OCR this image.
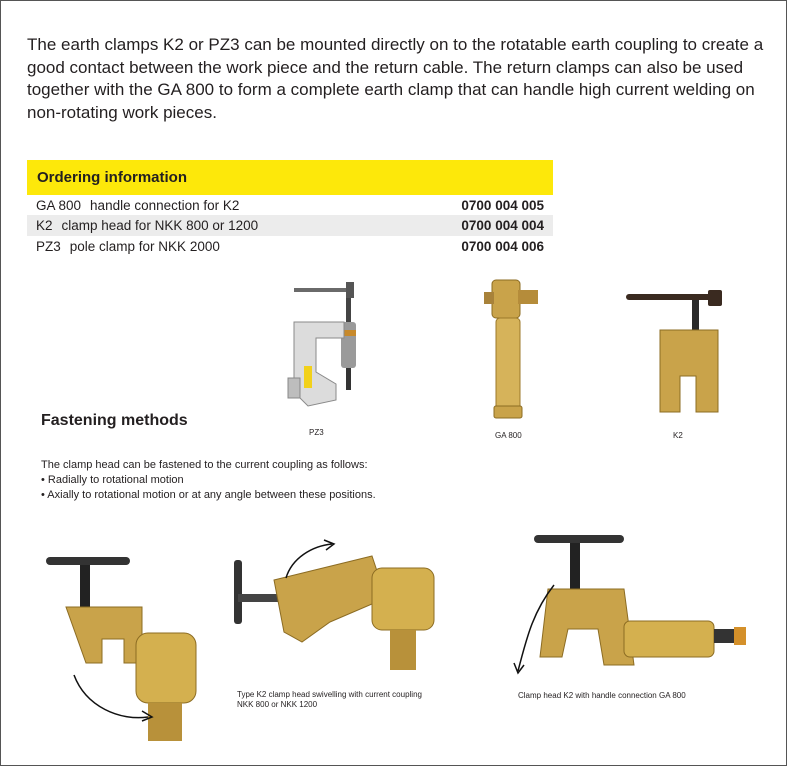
The earth clamps K2 or PZ3 can be mounted directly on to the rotatable earth coupling to create a good contact between the work piece and the return cable. The return clamps can also be used together with the GA 800 to form a complete earth clamp that can handle high current welding on non-rotating work pieces.

Ordering information
GA 800 handle connection for K2	0700 004 005
K2 clamp head for NKK 800 or 1200	0700 004 004
PZ3 pole clamp for NKK 2000	0700 004 006
PZ3	GA 800	K2
Fastening methods
The clamp head can be fastened to the current coupling as follows:
• Radially to rotational motion
• Axially to rotational motion or at any angle between these positions.
Type K2 clamp head swivelling with current coupling
NKK 800 or NKK 1200
Clamp head K2 with handle connection GA 800
